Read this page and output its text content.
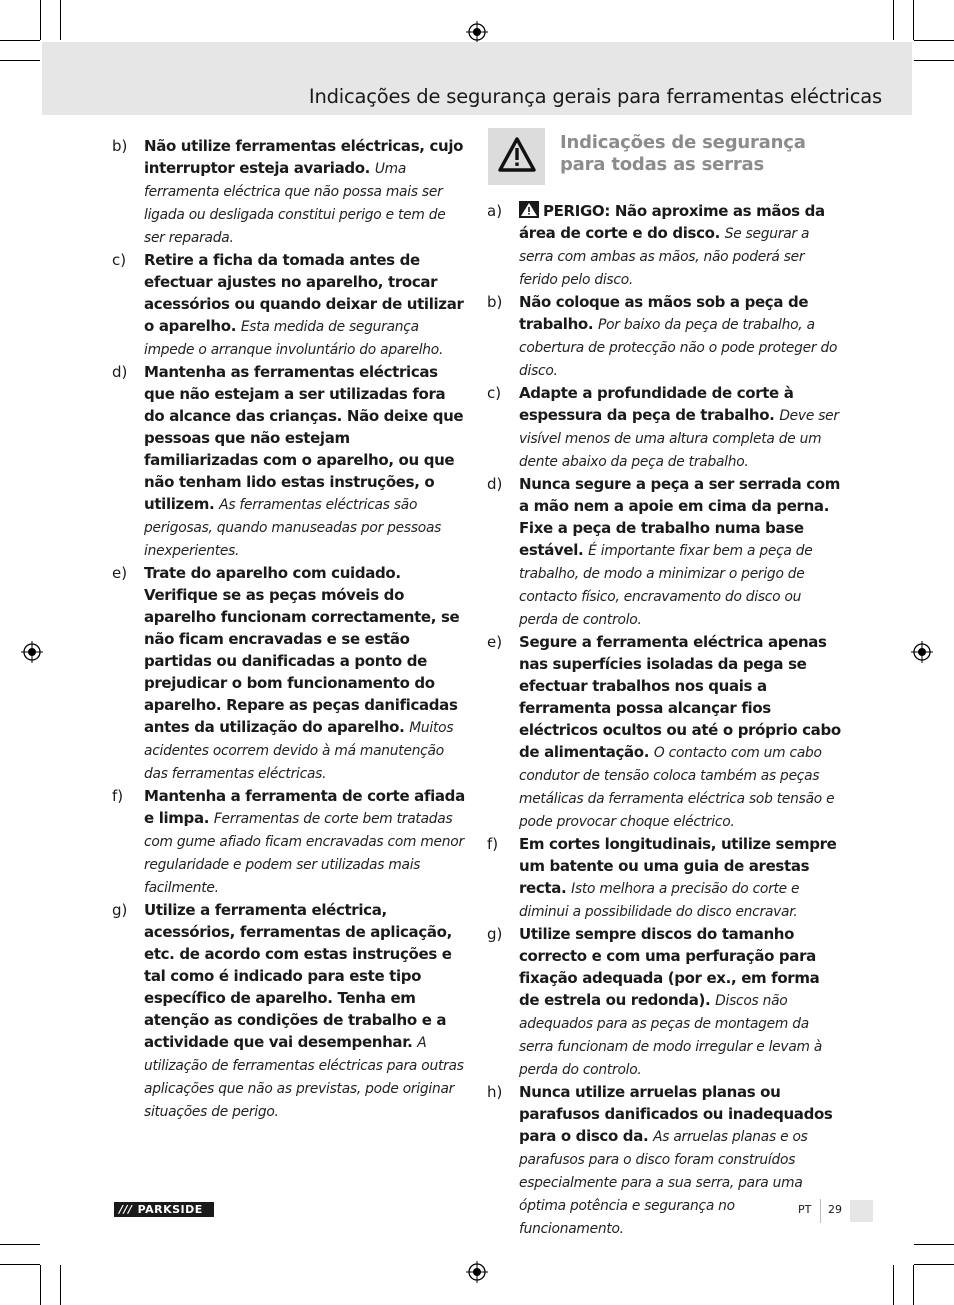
Indicações de segurança gerais para ferramentas eléctricas

b) Não utilize ferramentas eléctricas, cujo interruptor esteja avariado. Uma ferramenta eléctrica que não possa mais ser ligada ou desligada constitui perigo e tem de ser reparada.

c) Retire a ficha da tomada antes de efectuar ajustes no aparelho, trocar acessórios ou quando deixar de utilizar o aparelho. Esta medida de segurança impede o arranque involuntário do aparelho.

d) Mantenha as ferramentas eléctricas que não estejam a ser utilizadas fora do alcance das crianças. Não deixe que pessoas que não estejam familiarizadas com o aparelho, ou que não tenham lido estas instruções, o utilizem. As ferramentas eléctricas são perigosas, quando manuseadas por pessoas inexperientes.

e) Trate do aparelho com cuidado. Verifique se as peças móveis do aparelho funcionam correctamente, se não ficam encravadas e se estão partidas ou danificadas a ponto de prejudicar o bom funcionamento do aparelho. Repare as peças danificadas antes da utilização do aparelho. Muitos acidentes ocorrem devido à má manutenção das ferramentas eléctricas.

f) Mantenha a ferramenta de corte afiada e limpa. Ferramentas de corte bem tratadas com gume afiado ficam encravadas com menor regularidade e podem ser utilizadas mais facilmente.

g) Utilize a ferramenta eléctrica, acessórios, ferramentas de aplicação, etc. de acordo com estas instruções e tal como é indicado para este tipo específico de aparelho. Tenha em atenção as condições de trabalho e a actividade que vai desempenhar. A utilização de ferramentas eléctricas para outras aplicações que não as previstas, pode originar situações de perigo.

Indicações de segurança para todas as serras

a)	PERIGO: Não aproxime as mãos da área de corte e do disco. Se segurar a serra com ambas as mãos, não poderá ser ferido pelo disco.

b) Não coloque as mãos sob a peça de trabalho. Por baixo da peça de trabalho, a cobertura de protecção não o pode proteger do disco.

c) Adapte a profundidade de corte à espessura da peça de trabalho. Deve ser visível menos de uma altura completa de um dente abaixo da peça de trabalho.

d) Nunca segure a peça a ser serrada com a mão nem a apoie em cima da perna. Fixe a peça de trabalho numa base estável. É importante fixar bem a peça de trabalho, de modo a minimizar o perigo de contacto físico, encravamento do disco ou perda de controlo.

e) Segure a ferramenta eléctrica apenas nas superfícies isoladas da pega se efectuar trabalhos nos quais a ferramenta possa alcançar fios eléctricos ocultos ou até o próprio cabo de alimentação. O contacto com um cabo condutor de tensão coloca também as peças metálicas da ferramenta eléctrica sob tensão e pode provocar choque eléctrico.

f) Em cortes longitudinais, utilize sempre um batente ou uma guia de arestas recta. Isto melhora a precisão do corte e diminui a possibilidade do disco encravar.

g) Utilize sempre discos do tamanho correcto e com uma perfuração para fixação adequada (por ex., em forma de estrela ou redonda). Discos não adequados para as peças de montagem da serra funcionam de modo irregular e levam à perda do controlo.

h) Nunca utilize arruelas planas ou parafusos danificados ou inadequados para o disco da. As arruelas planas e os parafusos para o disco foram construídos especialmente para a sua serra, para uma óptima potência e segurança no funcionamento.

/// PARKSIDE	PT 29
